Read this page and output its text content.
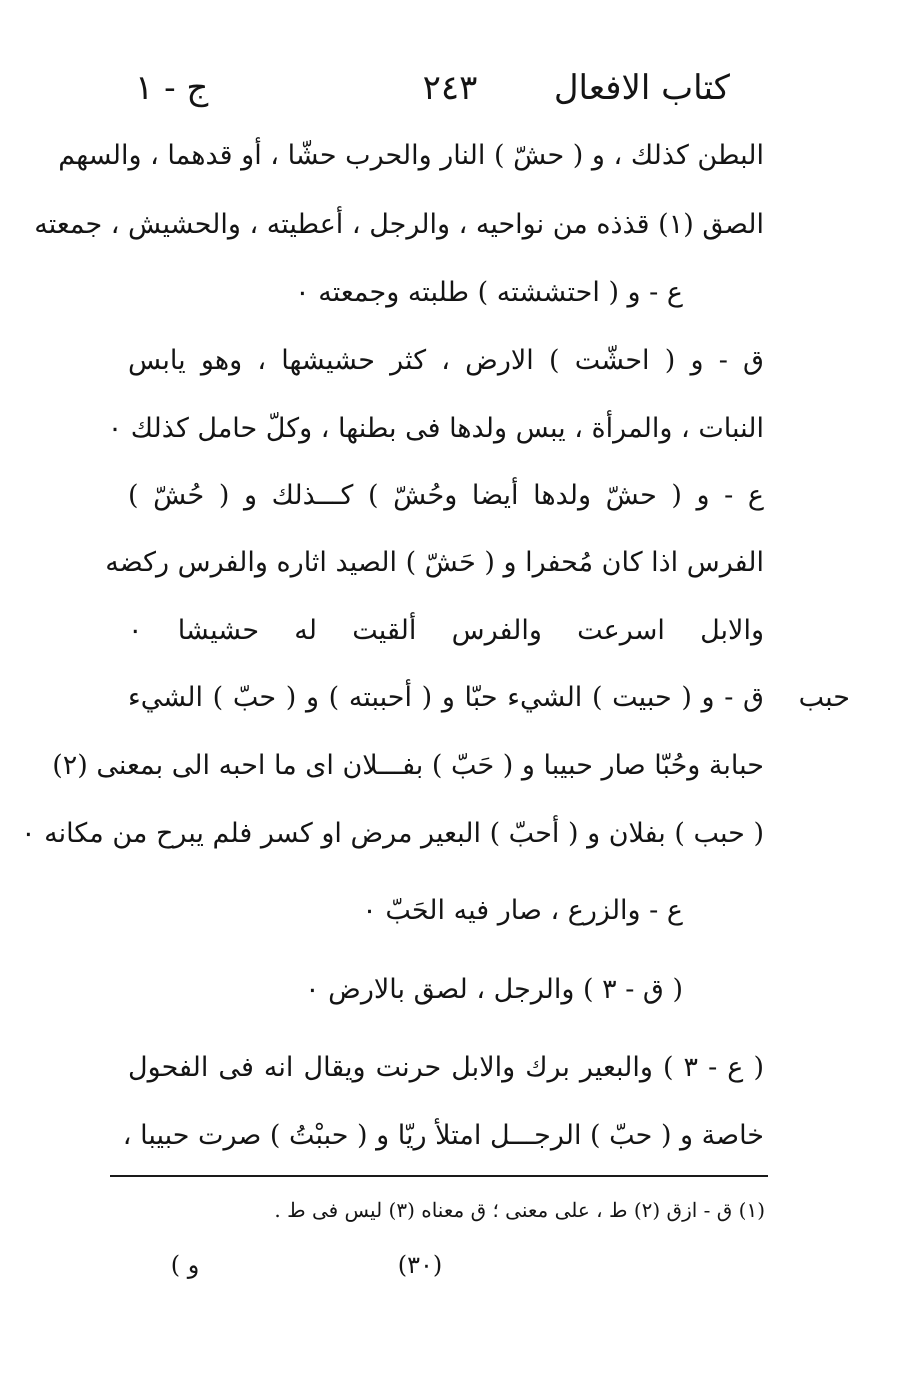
كتاب الافعال
٢٤٣
ج - ١
البطن كذلك ، و ( حشّ ) النار والحرب حشّا ، أو قدهما ، والسهم
الصق (١) قذذه من نواحيه ، والرجل ، أعطيته ، والحشيش ، جمعته
ع - و ( احتششته ) طلبته وجمعته ٠
ق - و ( احشّت ) الارض ، كثر حشيشها ، وهو يابس
النبات ، والمرأة ، يبس ولدها فى بطنها ، وكلّ حامل كذلك ٠
ع - و ( حشّ ولدها أيضا وحُشّ ) كـــذلك و ( حُشّ )
الفرس اذا كان مُحفرا و ( حَشّ ) الصيد اثاره والفرس ركضه
والابل اسرعت والفرس ألقيت له حشيشا ٠
حبب
ق - و ( حبيت ) الشيء حبّا و ( أحببته ) و ( حبّ ) الشيء
حبابة وحُبّا صار حبيبا و ( حَبّ ) بفـــلان اى ما احبه الى بمعنى (٢)
( حبب ) بفلان و ( أحبّ ) البعير مرض او كسر فلم يبرح من مكانه ٠
ع - والزرع ، صار فيه الحَبّ ٠
( ق - ٣ ) والرجل ، لصق بالارض ٠
( ع - ٣ ) والبعير برك والابل حرنت ويقال انه فى الفحول
خاصة و ( حبّ ) الرجـــل امتلأ ريّا و ( حببْتُ ) صرت حبيبا ،
(١) ق - ازق (٢) ط ، على معنى ؛ ق معناه (٣) ليس فى ط .
(٣٠)
و )
